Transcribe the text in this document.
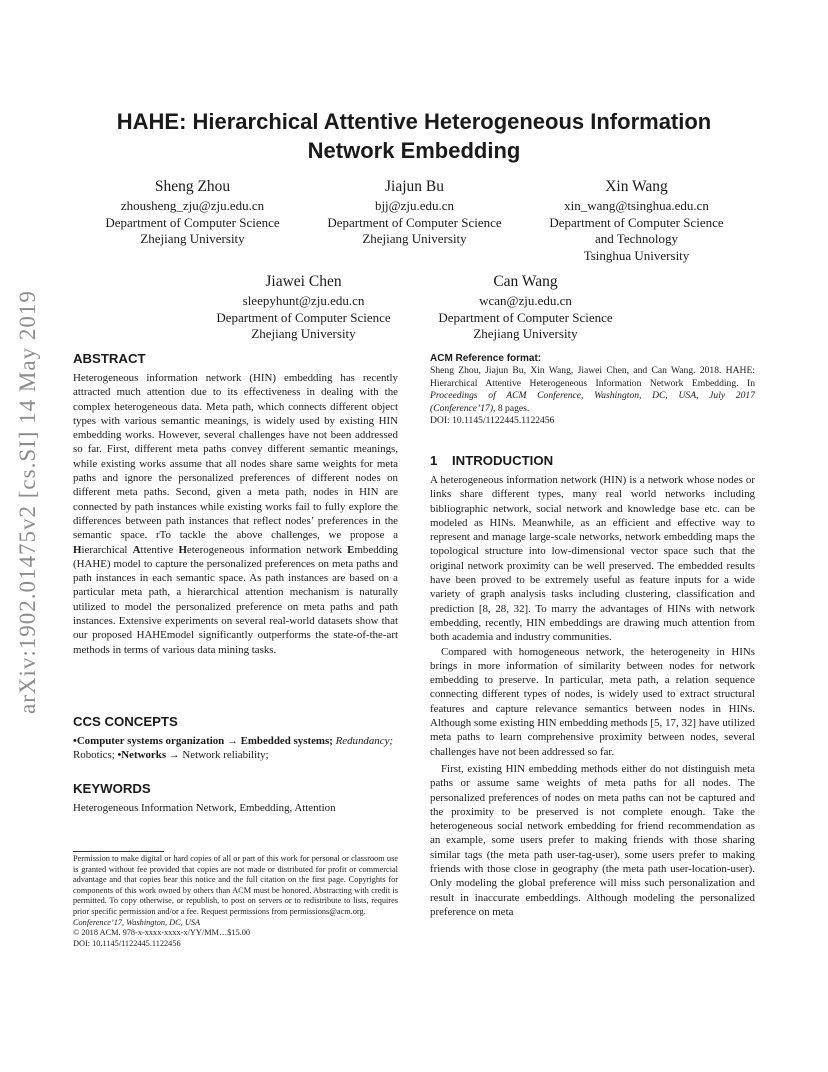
arXiv:1902.01475v2 [cs.SI] 14 May 2019
HAHE: Hierarchical Attentive Heterogeneous Information
Network Embedding
Sheng Zhou
zhousheng_zju@zju.edu.cn
Department of Computer Science
Zhejiang University
Jiajun Bu
bjj@zju.edu.cn
Department of Computer Science
Zhejiang University
Xin Wang
xin_wang@tsinghua.edu.cn
Department of Computer Science
and Technology
Tsinghua University
Jiawei Chen
sleepyhunt@zju.edu.cn
Department of Computer Science
Zhejiang University
Can Wang
wcan@zju.edu.cn
Department of Computer Science
Zhejiang University
ABSTRACT

Heterogeneous information network (HIN) embedding has recently attracted much attention due to its effectiveness in dealing with the complex heterogeneous data. Meta path, which connects different object types with various semantic meanings, is widely used by existing HIN embedding works. However, several challenges have not been addressed so far. First, different meta paths convey different semantic meanings, while existing works assume that all nodes share same weights for meta paths and ignore the personalized preferences of different nodes on different meta paths. Second, given a meta path, nodes in HIN are connected by path instances while existing works fail to fully explore the differences between path instances that reflect nodes’ preferences in the semantic space. rTo tackle the above challenges, we propose a Hierarchical Attentive Heterogeneous information network Embedding (HAHE) model to capture the personalized preferences on meta paths and path instances in each semantic space. As path instances are based on a particular meta path, a hierarchical attention mechanism is naturally utilized to model the personalized preference on meta paths and path instances. Extensive experiments on several real-world datasets show that our proposed HAHEmodel significantly outperforms the state-of-the-art methods in terms of various data mining tasks.

CCS CONCEPTS

•Computer systems organization → Embedded systems; Redundancy; Robotics; •Networks → Network reliability;

KEYWORDS

Heterogeneous Information Network, Embedding, Attention

Permission to make digital or hard copies of all or part of this work for personal or classroom use is granted without fee provided that copies are not made or distributed for profit or commercial advantage and that copies bear this notice and the full citation on the first page. Copyrights for components of this work owned by others than ACM must be honored. Abstracting with credit is permitted. To copy otherwise, or republish, to post on servers or to redistribute to lists, requires prior specific permission and/or a fee. Request permissions from permissions@acm.org.
Conference’17, Washington, DC, USA
© 2018 ACM. 978-x-xxxx-xxxx-x/YY/MM…$15.00
DOI: 10.1145/1122445.1122456
ACM Reference format:

Sheng Zhou, Jiajun Bu, Xin Wang, Jiawei Chen, and Can Wang. 2018. HAHE: Hierarchical Attentive Heterogeneous Information Network Embedding. In Proceedings of ACM Conference, Washington, DC, USA, July 2017 (Conference’17), 8 pages.

DOI: 10.1145/1122445.1122456

1 INTRODUCTION

A heterogeneous information network (HIN) is a network whose nodes or links share different types, many real world networks including bibliographic network, social network and knowledge base etc. can be modeled as HINs. Meanwhile, as an efficient and effective way to represent and manage large-scale networks, network embedding maps the topological structure into low-dimensional vector space such that the original network proximity can be well preserved. The embedded results have been proved to be extremely useful as feature inputs for a wide variety of graph analysis tasks including clustering, classification and prediction [8, 28, 32]. To marry the advantages of HINs with network embedding, recently, HIN embeddings are drawing much attention from both academia and industry communities.

Compared with homogeneous network, the heterogeneity in HINs brings in more information of similarity between nodes for network embedding to preserve. In particular, meta path, a relation sequence connecting different types of nodes, is widely used to extract structural features and capture relevance semantics between nodes in HINs. Although some existing HIN embedding methods [5, 17, 32] have utilized meta paths to learn comprehensive proximity between nodes, several challenges have not been addressed so far.

First, existing HIN embedding methods either do not distinguish meta paths or assume same weights of meta paths for all nodes. The personalized preferences of nodes on meta paths can not be captured and the proximity to be preserved is not complete enough. Take the heterogeneous social network embedding for friend recommendation as an example, some users prefer to making friends with those sharing similar tags (the meta path user-tag-user), some users prefer to making friends with those close in geography (the meta path user-location-user). Only modeling the global preference will miss such personalization and result in inaccurate embeddings. Although modeling the personalized preference on meta
